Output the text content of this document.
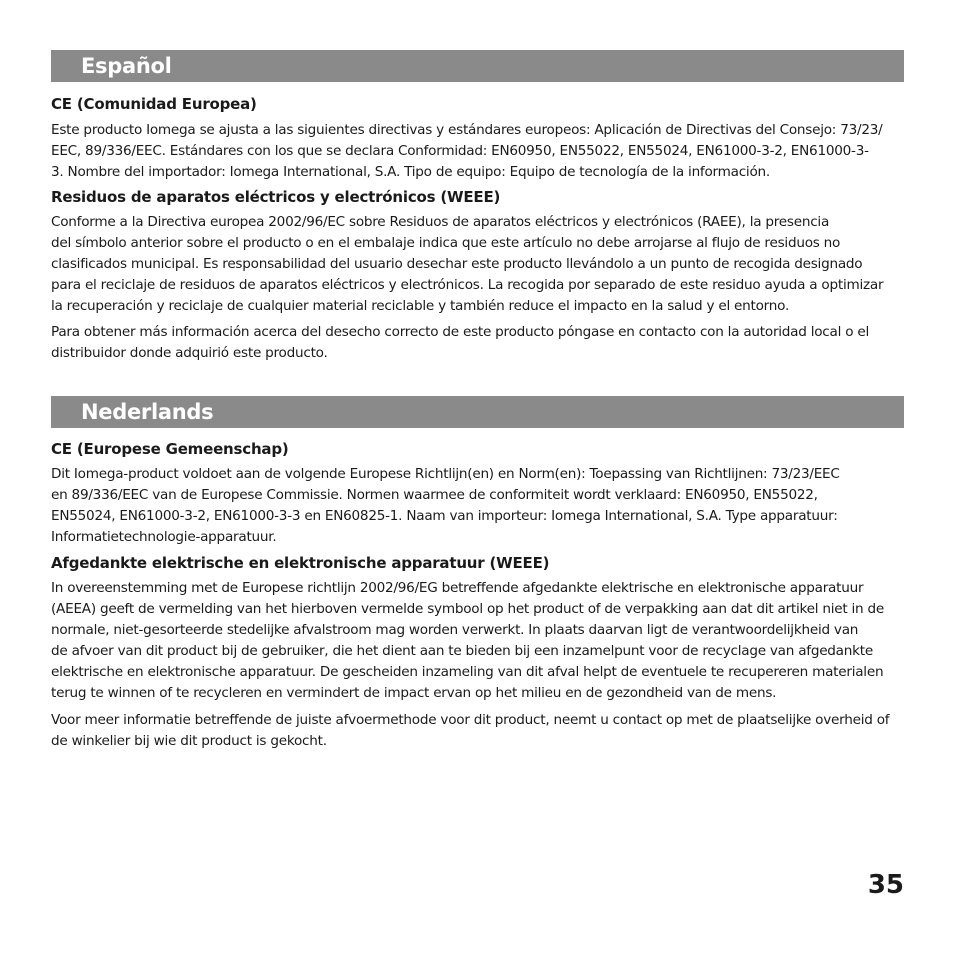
Español
CE (Comunidad Europea)

Este producto Iomega se ajusta a las siguientes directivas y estándares europeos: Aplicación de Directivas del Consejo: 73/23/
EEC, 89/336/EEC. Estándares con los que se declara Conformidad: EN60950, EN55022, EN55024, EN61000-3-2, EN61000-3-
3. Nombre del importador: Iomega International, S.A. Tipo de equipo: Equipo de tecnología de la información.

Residuos de aparatos eléctricos y electrónicos (WEEE)

Conforme a la Directiva europea 2002/96/EC sobre Residuos de aparatos eléctricos y electrónicos (RAEE), la presencia
del símbolo anterior sobre el producto o en el embalaje indica que este artículo no debe arrojarse al flujo de residuos no
clasificados municipal. Es responsabilidad del usuario desechar este producto llevándolo a un punto de recogida designado
para el reciclaje de residuos de aparatos eléctricos y electrónicos. La recogida por separado de este residuo ayuda a optimizar
la recuperación y reciclaje de cualquier material reciclable y también reduce el impacto en la salud y el entorno.

Para obtener más información acerca del desecho correcto de este producto póngase en contacto con la autoridad local o el
distribuidor donde adquirió este producto.

Nederlands
CE (Europese Gemeenschap)

Dit Iomega-product voldoet aan de volgende Europese Richtlijn(en) en Norm(en): Toepassing van Richtlijnen: 73/23/EEC
en 89/336/EEC van de Europese Commissie. Normen waarmee de conformiteit wordt verklaard: EN60950, EN55022,
EN55024, EN61000-3-2, EN61000-3-3 en EN60825-1. Naam van importeur: Iomega International, S.A. Type apparatuur:
Informatietechnologie-apparatuur.

Afgedankte elektrische en elektronische apparatuur (WEEE)

In overeenstemming met de Europese richtlijn 2002/96/EG betreffende afgedankte elektrische en elektronische apparatuur
(AEEA) geeft de vermelding van het hierboven vermelde symbool op het product of de verpakking aan dat dit artikel niet in de
normale, niet-gesorteerde stedelijke afvalstroom mag worden verwerkt. In plaats daarvan ligt de verantwoordelijkheid van
de afvoer van dit product bij de gebruiker, die het dient aan te bieden bij een inzamelpunt voor de recyclage van afgedankte
elektrische en elektronische apparatuur. De gescheiden inzameling van dit afval helpt de eventuele te recupereren materialen
terug te winnen of te recycleren en vermindert de impact ervan op het milieu en de gezondheid van de mens.

Voor meer informatie betreffende de juiste afvoermethode voor dit product, neemt u contact op met de plaatselijke overheid of
de winkelier bij wie dit product is gekocht.

35
